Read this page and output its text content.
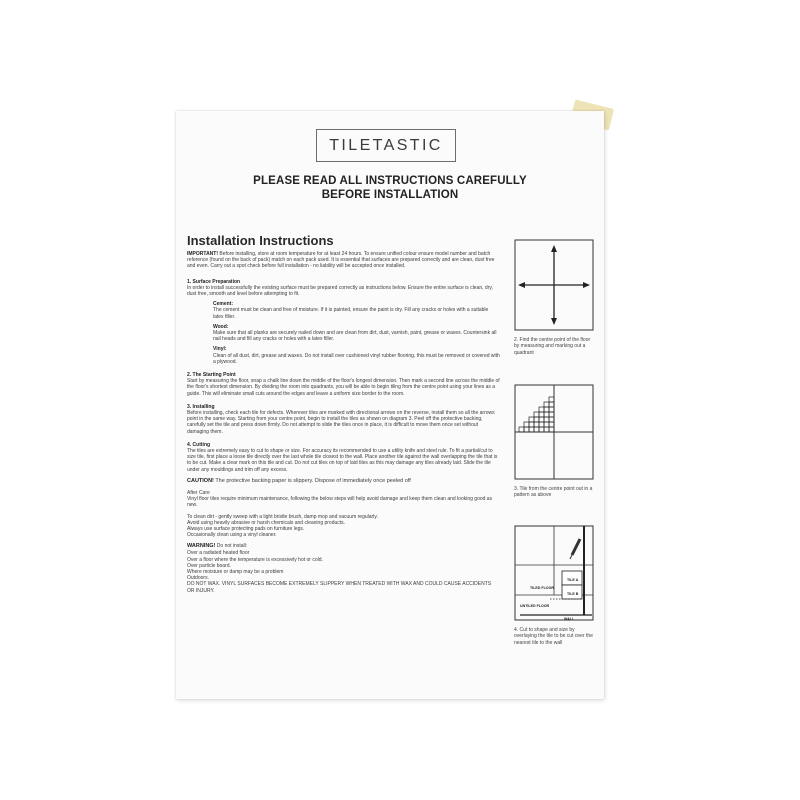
TILETASTIC
PLEASE READ ALL INSTRUCTIONS CAREFULLY
BEFORE INSTALLATION
Installation Instructions

IMPORTANT! Before installing, store at room temperature for at least 24 hours. To ensure unified colour ensure model number and batch reference (found on the back of pack) match on each pack used. It is essential that surfaces are prepared correctly and are clean, dust free and even. Carry out a spot check before full installation - no liability will be accepted once installed.

1. Surface Preparation

In order to install successfully the existing surface must be prepared correctly as instructions below. Ensure the entire surface is clean, dry, dust free, smooth and level before attempting to fit.

Cement:

The cement must be clean and free of moisture. If it is painted, ensure the paint is dry. Fill any cracks or holes with a suitable latex filler.

Wood:

Make sure that all planks are securely nailed down and are clean from dirt, dust, varnish, paint, grease or waxes. Countersink all nail heads and fill any cracks or holes with a latex filler.

Vinyl:

Clean of all dust, dirt, grease and waxes. Do not install over cushioned vinyl rubber flooring, this must be removed or covered with a plywood.

2. The Starting Point

Start by measuring the floor, snap a chalk line down the middle of the floor's longest dimension. Then mark a second line across the middle of the floor's shortest dimension. By dividing the room into quadrants, you will be able to begin tiling from the centre point using your lines as a guide. This will eliminate small cuts around the edges and leave a uniform size border to the room.

3. Installing

Before installing, check each tile for defects. Wherever tiles are marked with directional arrows on the reverse, install them so all the arrows point in the same way. Starting from your centre point, begin to install the tiles as shown on diagram 3. Peel off the protective backing, carefully set the tile and press down firmly. Do not attempt to slide the tiles once in place, it is difficult to move them once set without damaging them.

4. Cutting

The tiles are extremely easy to cut to shape or size. For accuracy its recommended to use a utility knife and steel rule. To fit a partial/cut to size tile, first place a loose tile directly over the last whole tile closest to the wall. Place another tile against the wall overlapping the tile that is to be cut. Make a clear mark on this tile and cut. Do not cut tiles on top of laid tiles as this may damage any tiles already laid. Slide the tile under any mouldings and trim off any excess.

CAUTION! The protective backing paper is slippery. Dispose of immediately once peeled off

After Care

Vinyl floor tiles require minimum maintenance, following the below steps will help avoid damage and keep them clean and looking good as new.

To clean dirt - gently sweep with a light bristle brush, damp mop and vacuum regularly.

Avoid using heavily abrasive or harsh chemicals and cleaning products.

Always use surface protecting pads on furniture legs.

Occasionally clean using a vinyl cleaner.

WARNING! Do not install:

Over a radiated heated floor

Over a floor where the temperature is excessively hot or cold.

Over particle board.

Where moisture or damp may be a problem

Outdoors.

DO NOT WAX. VINYL SURFACES BECOME EXTREMELY SLIPPERY WHEN TREATED WITH WAX AND COULD CAUSE ACCIDENTS OR INJURY.

2. Find the centre point of the floor by measuring and marking out a quadrant
3. Tile from the centre point out in a pattern as above
TILE A
TILE B
TILED FLOOR
UNTILED FLOOR
WALL
4. Cut to shape and size by overlaying the tile to be cut over the nearest tile to the wall
